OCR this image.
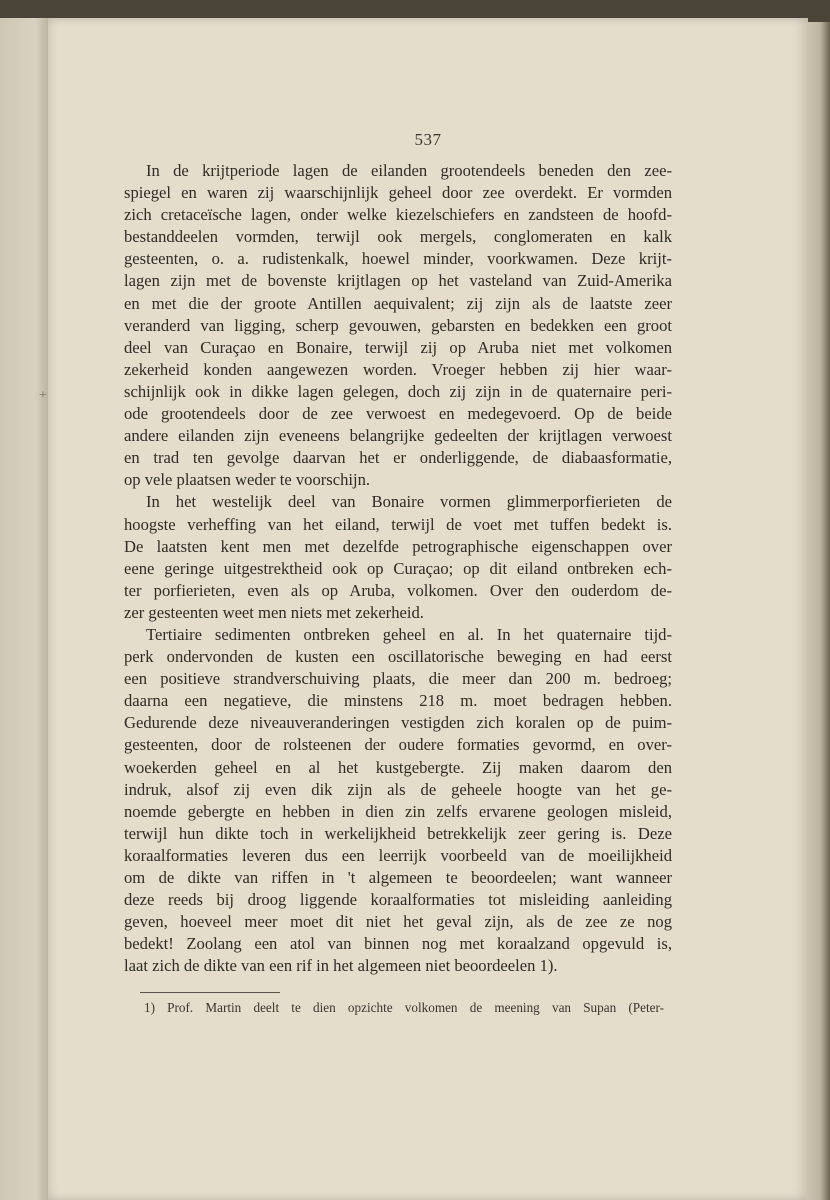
537

In de krijtperiode lagen de eilanden grootendeels beneden den zee-
spiegel en waren zij waarschijnlijk geheel door zee overdekt. Er vormden
zich cretaceïsche lagen, onder welke kiezelschiefers en zandsteen de hoofd-
bestanddeelen vormden, terwijl ook mergels, conglomeraten en kalk
gesteenten, o. a. rudistenkalk, hoewel minder, voorkwamen. Deze krijt-
lagen zijn met de bovenste krijtlagen op het vasteland van Zuid-Amerika
en met die der groote Antillen aequivalent; zij zijn als de laatste zeer
veranderd van ligging, scherp gevouwen, gebarsten en bedekken een groot
deel van Curaçao en Bonaire, terwijl zij op Aruba niet met volkomen
zekerheid konden aangewezen worden. Vroeger hebben zij hier waar-
schijnlijk ook in dikke lagen gelegen, doch zij zijn in de quaternaire peri-
ode grootendeels door de zee verwoest en medegevoerd. Op de beide
andere eilanden zijn eveneens belangrijke gedeelten der krijtlagen verwoest
en trad ten gevolge daarvan het er onderliggende, de diabaasformatie,
op vele plaatsen weder te voorschijn.

In het westelijk deel van Bonaire vormen glimmerporfierieten de
hoogste verheffing van het eiland, terwijl de voet met tuffen bedekt is.
De laatsten kent men met dezelfde petrographische eigenschappen over
eene geringe uitgestrektheid ook op Curaçao; op dit eiland ontbreken ech-
ter porfierieten, even als op Aruba, volkomen. Over den ouderdom de-
zer gesteenten weet men niets met zekerheid.

Tertiaire sedimenten ontbreken geheel en al. In het quaternaire tijd-
perk ondervonden de kusten een oscillatorische beweging en had eerst
een positieve strandverschuiving plaats, die meer dan 200 m. bedroeg;
daarna een negatieve, die minstens 218 m. moet bedragen hebben.
Gedurende deze niveauveranderingen vestigden zich koralen op de puim-
gesteenten, door de rolsteenen der oudere formaties gevormd, en over-
woekerden geheel en al het kustgebergte. Zij maken daarom den
indruk, alsof zij even dik zijn als de geheele hoogte van het ge-
noemde gebergte en hebben in dien zin zelfs ervarene geologen misleid,
terwijl hun dikte toch in werkelijkheid betrekkelijk zeer gering is. Deze
koraalformaties leveren dus een leerrijk voorbeeld van de moeilijkheid
om de dikte van riffen in 't algemeen te beoordeelen; want wanneer
deze reeds bij droog liggende koraalformaties tot misleiding aanleiding
geven, hoeveel meer moet dit niet het geval zijn, als de zee ze nog
bedekt! Zoolang een atol van binnen nog met koraalzand opgevuld is,
laat zich de dikte van een rif in het algemeen niet beoordeelen 1).

1) Prof. Martin deelt te dien opzichte volkomen de meening van Supan (Peter-

+
